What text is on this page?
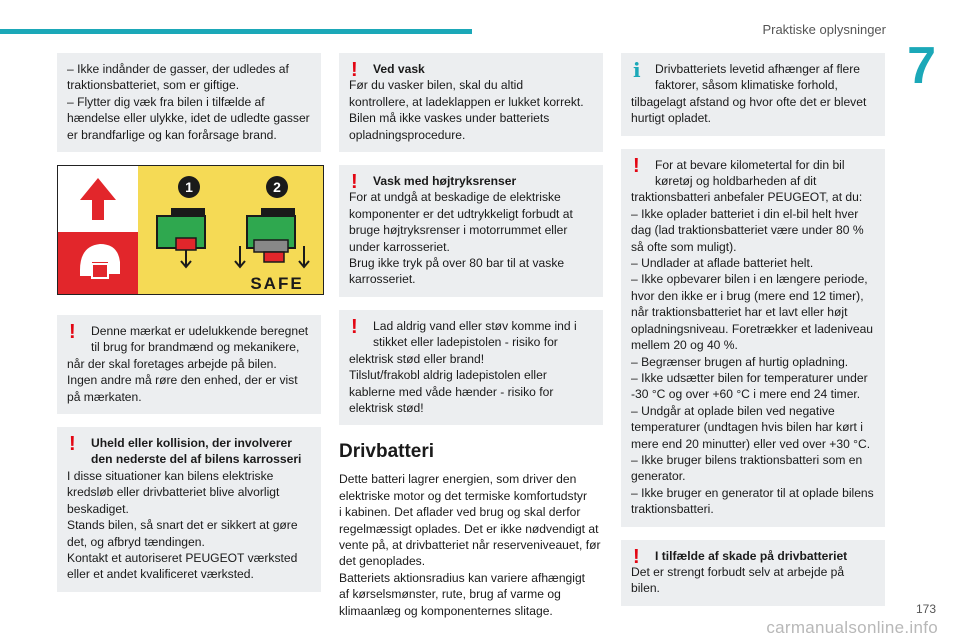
Praktiske oplysninger
7
– Ikke indånder de gasser, der udledes af
traktionsbatteriet, som er giftige.
– Flytter dig væk fra bilen i tilfælde af
hændelse eller ulykke, idet de udledte gasser
er brandfarlige og kan forårsage brand.
1	2
SAFE
!	Denne mærkat er udelukkende beregnet
til brug for brandmænd og mekanikere,
når der skal foretages arbejde på bilen.
Ingen andre må røre den enhed, der er vist
på mærkaten.
!	Uheld eller kollision, der involverer
den nederste del af bilens karrosseri
I disse situationer kan bilens elektriske
kredsløb eller drivbatteriet blive alvorligt
beskadiget.
Stands bilen, så snart det er sikkert at gøre
det, og afbryd tændingen.
Kontakt et autoriseret PEUGEOT værksted
eller et andet kvalificeret værksted.
!	Ved vask
Før du vasker bilen, skal du altid
kontrollere, at ladeklappen er lukket korrekt.
Bilen må ikke vaskes under batteriets
opladningsprocedure.
!	Vask med højtryksrenser
For at undgå at beskadige de elektriske
komponenter er det udtrykkeligt forbudt at
bruge højtryksrenser i motorrummet eller
under karrosseriet.
Brug ikke tryk på over 80 bar til at vaske
karrosseriet.
!	Lad aldrig vand eller støv komme ind i
stikket eller ladepistolen - risiko for
elektrisk stød eller brand!
Tilslut/frakobl aldrig ladepistolen eller
kablerne med våde hænder - risiko for
elektrisk stød!
Drivbatteri
Dette batteri lagrer energien, som driver den
elektriske motor og det termiske komfortudstyr
i kabinen. Det aflader ved brug og skal derfor
regelmæssigt oplades. Det er ikke nødvendigt at
vente på, at drivbatteriet når reserveniveauet, før
det genoplades.
Batteriets aktionsradius kan variere afhængigt
af kørselsmønster, rute, brug af varme og
klimaanlæg og komponenternes slitage.
i	Drivbatteriets levetid afhænger af flere
faktorer, såsom klimatiske forhold,
tilbagelagt afstand og hvor ofte det er blevet
hurtigt opladet.
!	For at bevare kilometertal for din bil
køretøj og holdbarheden af dit
traktionsbatteri anbefaler PEUGEOT, at du:
– Ikke oplader batteriet i din el-bil helt hver
dag (lad traktionsbatteriet være under 80 %
så ofte som muligt).
– Undlader at aflade batteriet helt.
– Ikke opbevarer bilen i en længere periode,
hvor den ikke er i brug (mere end 12 timer),
når traktionsbatteriet har et lavt eller højt
opladningsniveau. Foretrækker et ladeniveau
mellem 20 og 40 %.
– Begrænser brugen af hurtig opladning.
– Ikke udsætter bilen for temperaturer under
-30 °C og over +60 °C i mere end 24 timer.
– Undgår at oplade bilen ved negative
temperaturer (undtagen hvis bilen har kørt i
mere end 20 minutter) eller ved over +30 °C.
– Ikke bruger bilens traktionsbatteri som en
generator.
– Ikke bruger en generator til at oplade bilens
traktionsbatteri.
!	I tilfælde af skade på drivbatteriet
Det er strengt forbudt selv at arbejde på
bilen.
carmanualsonline.info
173
